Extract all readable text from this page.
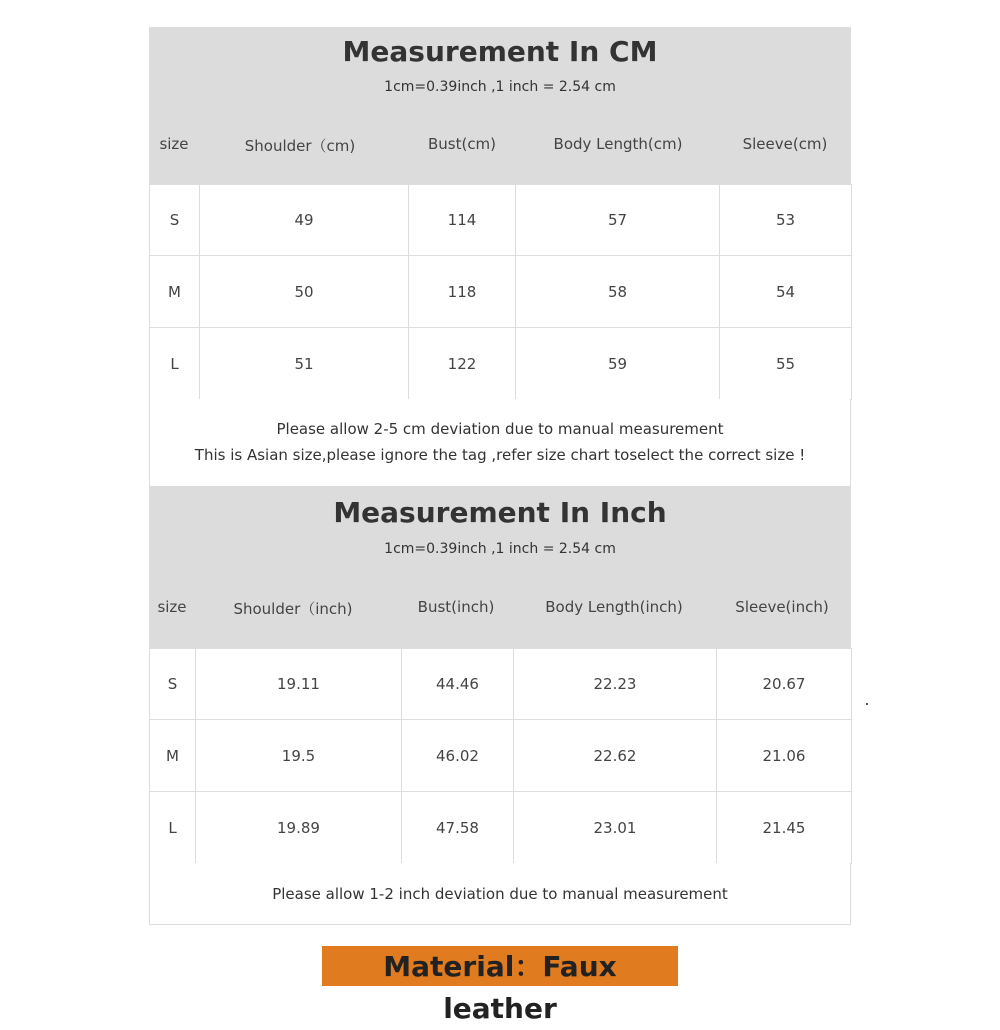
Measurement In CM
1cm=0.39inch ,1 inch = 2.54 cm
size	Shoulder（cm)	Bust(cm)	Body Length(cm)	Sleeve(cm)
S	49	114	57	53
M	50	118	58	54
L	51	122	59	55
Please allow 2-5 cm deviation due to manual measurement
This is Asian size,please ignore the tag ,refer size chart toselect the correct size !
Measurement In Inch
1cm=0.39inch ,1 inch = 2.54 cm
size	Shoulder（inch)	Bust(inch)	Body Length(inch)	Sleeve(inch)
S	19.11	44.46	22.23	20.67
M	19.5	46.02	22.62	21.06
L	19.89	47.58	23.01	21.45
Please allow 1-2 inch deviation due to manual measurement
Material：Faux leather
